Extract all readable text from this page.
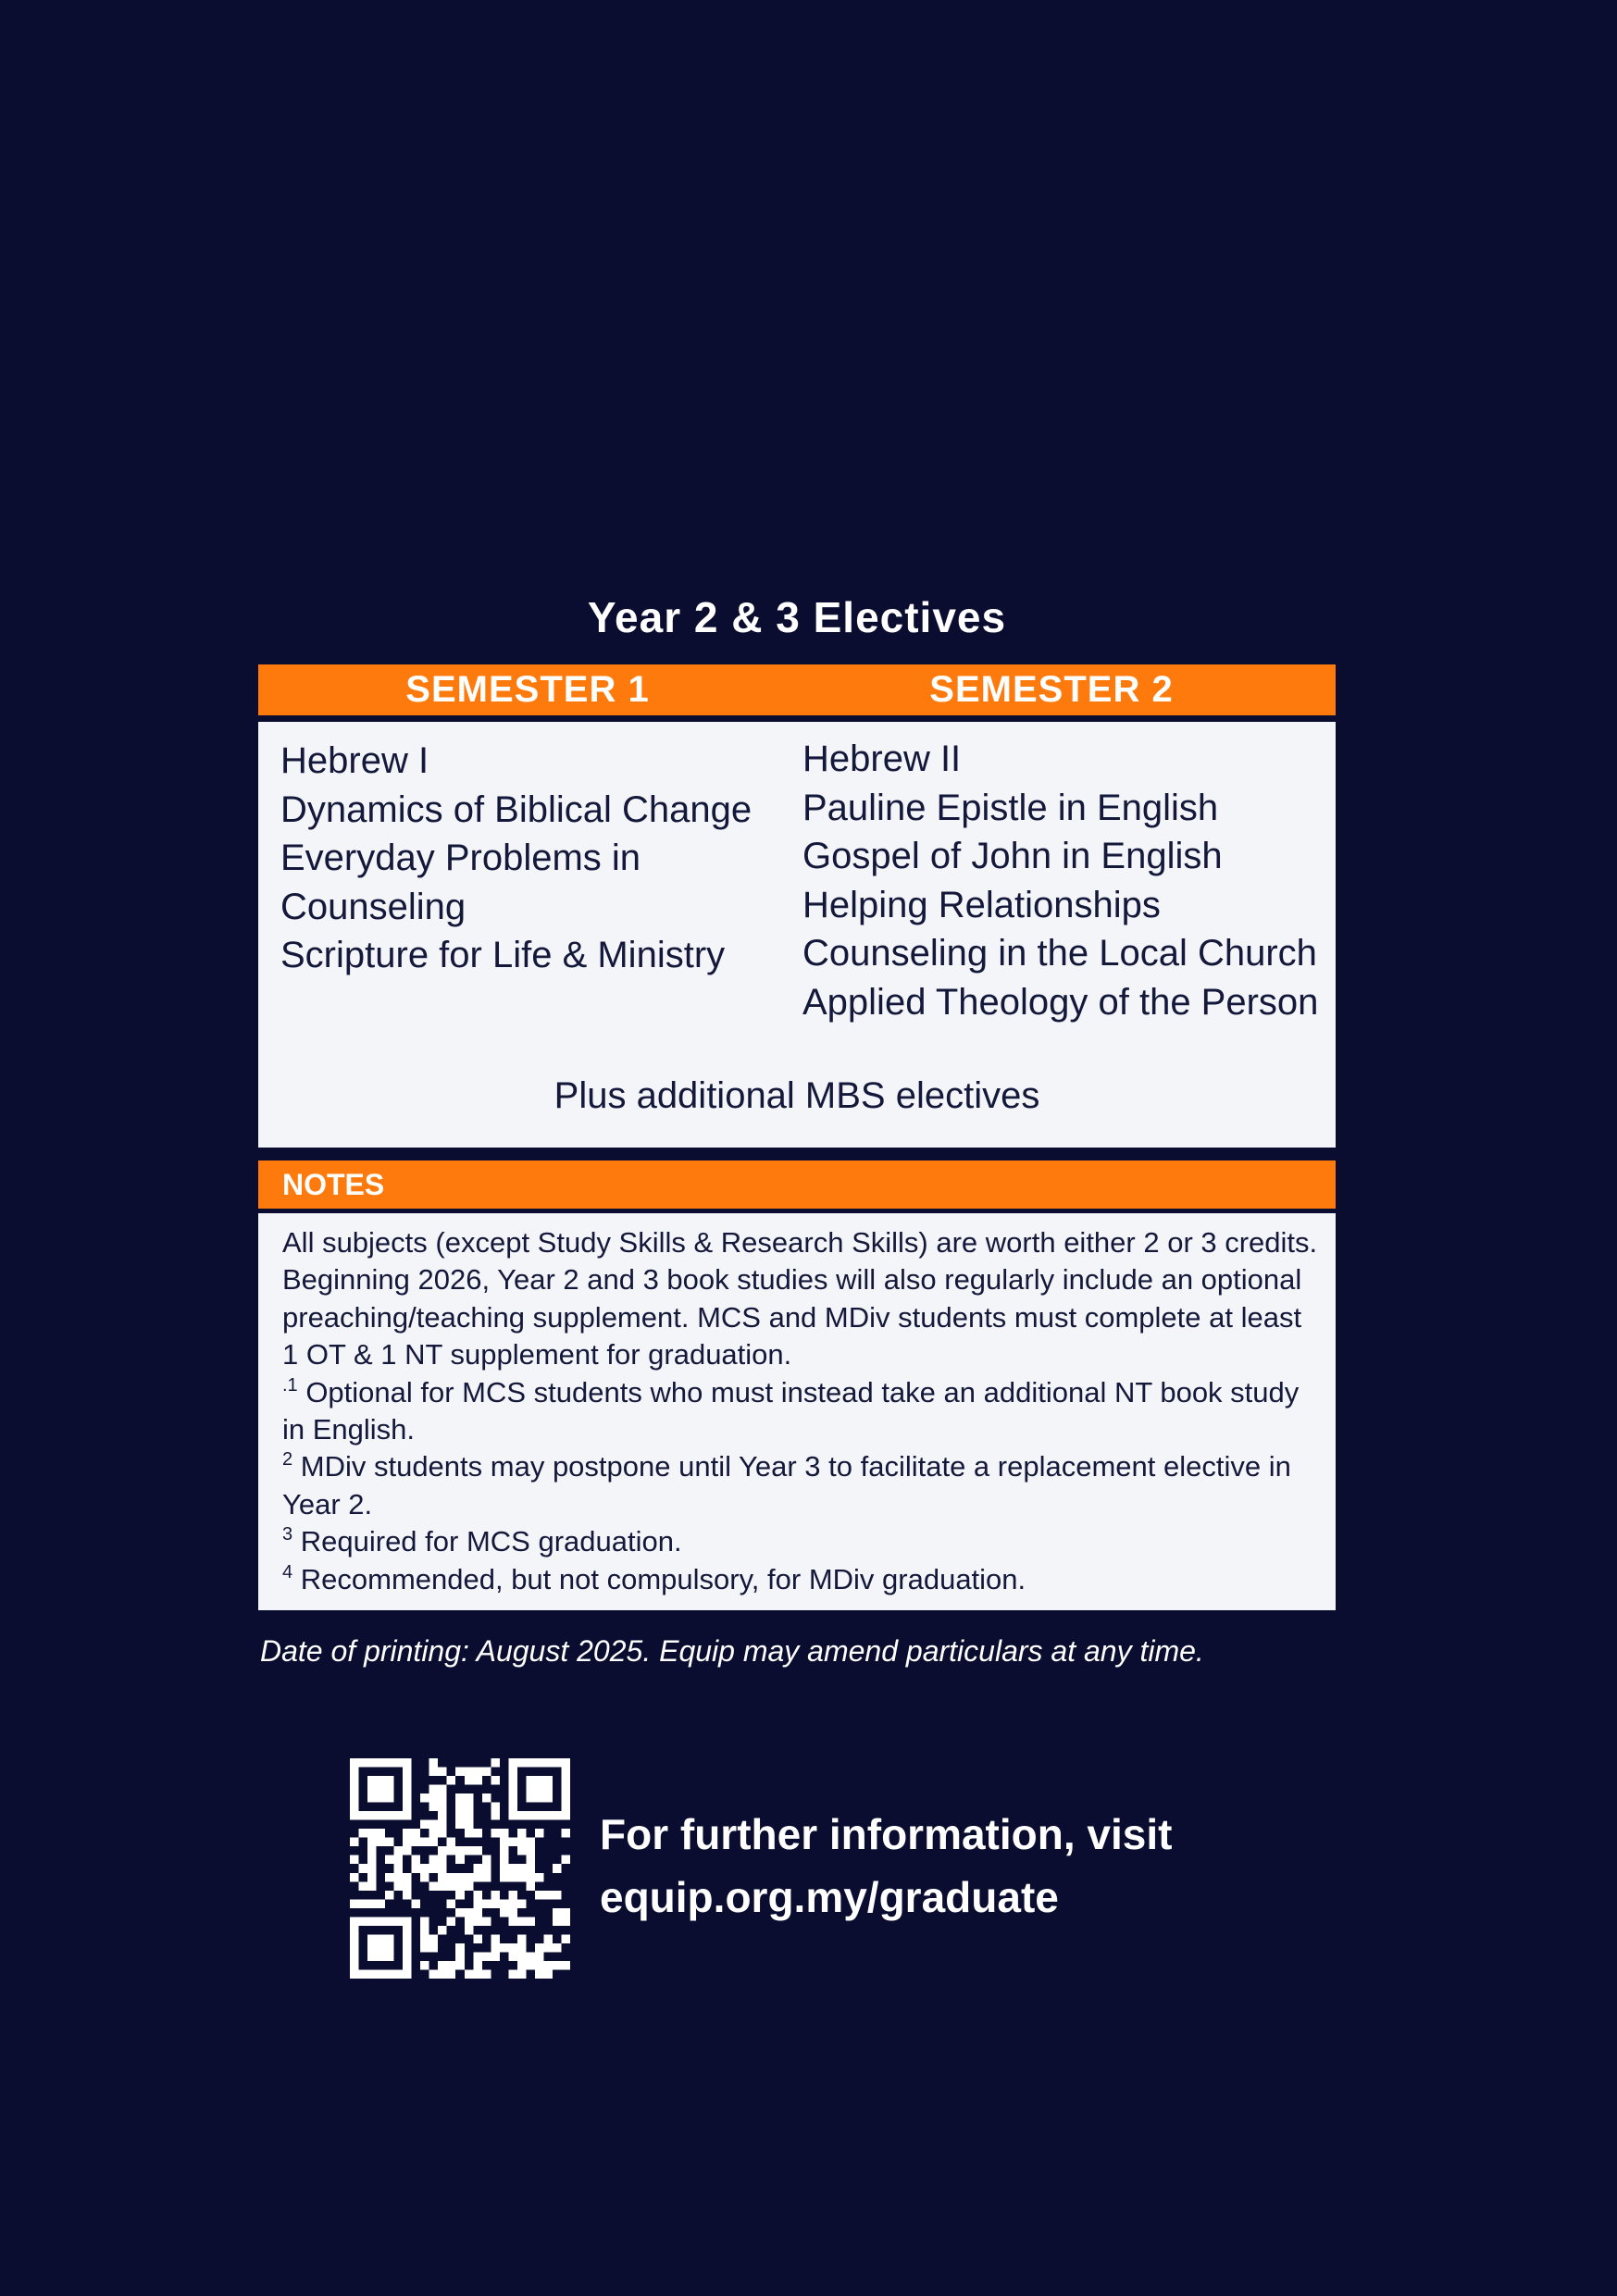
Year 2 & 3 Electives
SEMESTER 1	SEMESTER 2
Hebrew I
Dynamics of Biblical Change
Everyday Problems in Counseling
Scripture for Life & Ministry
Hebrew II
Pauline Epistle in English
Gospel of John in English
Helping Relationships
Counseling in the Local Church
Applied Theology of the Person
Plus additional MBS electives
NOTES

All subjects (except Study Skills & Research Skills) are worth either 2 or 3 credits. Beginning 2026, Year 2 and 3 book studies will also regularly include an optional preaching/teaching supplement. MCS and MDiv students must complete at least 1 OT & 1 NT supplement for graduation.

$^{.1}$ Optional for MCS students who must instead take an additional NT book study in English.

$^2$ MDiv students may postpone until Year 3 to facilitate a replacement elective in Year 2.

$^3$ Required for MCS graduation.

$^4$ Recommended, but not compulsory, for MDiv graduation.

Date of printing: August 2025. Equip may amend particulars at any time.

For further information, visit
equip.org.my/graduate
